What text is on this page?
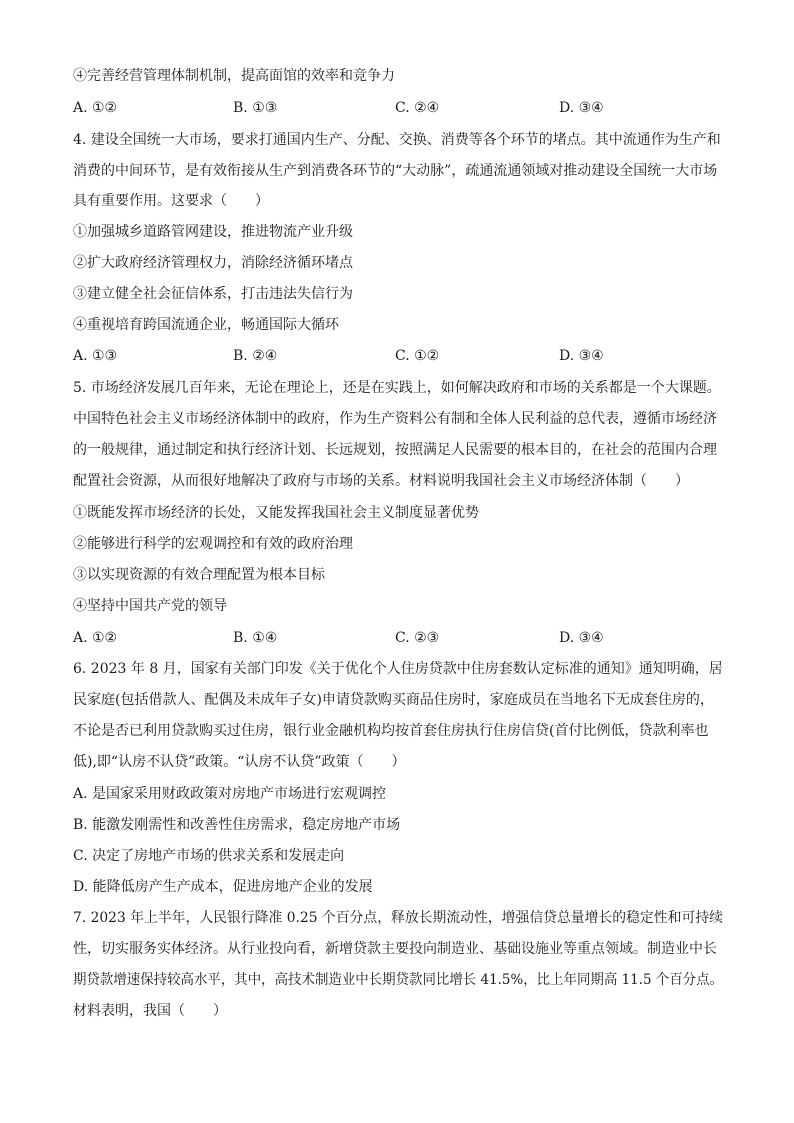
④完善经营管理体制机制，提高面馆的效率和竞争力
A. ①②	B. ①③	C. ②④	D. ③④
4. 建设全国统一大市场，要求打通国内生产、分配、交换、消费等各个环节的堵点。其中流通作为生产和
消费的中间环节，是有效衔接从生产到消费各环节的“大动脉”，疏通流通领域对推动建设全国统一大市场
具有重要作用。这要求（　　）
①加强城乡道路管网建设，推进物流产业升级
②扩大政府经济管理权力，消除经济循环堵点
③建立健全社会征信体系，打击违法失信行为
④重视培育跨国流通企业，畅通国际大循环
A. ①③	B. ②④	C. ①②	D. ③④
5. 市场经济发展几百年来，无论在理论上，还是在实践上，如何解决政府和市场的关系都是一个大课题。
中国特色社会主义市场经济体制中的政府，作为生产资料公有制和全体人民利益的总代表，遵循市场经济
的一般规律，通过制定和执行经济计划、长远规划，按照满足人民需要的根本目的，在社会的范围内合理
配置社会资源，从而很好地解决了政府与市场的关系。材料说明我国社会主义市场经济体制（　　）
①既能发挥市场经济的长处，又能发挥我国社会主义制度显著优势
②能够进行科学的宏观调控和有效的政府治理
③以实现资源的有效合理配置为根本目标
④坚持中国共产党的领导
A. ①②	B. ①④	C. ②③	D. ③④
6. 2023 年 8 月，国家有关部门印发《关于优化个人住房贷款中住房套数认定标准的通知》通知明确，居
民家庭(包括借款人、配偶及未成年子女)申请贷款购买商品住房时，家庭成员在当地名下无成套住房的，
不论是否已利用贷款购买过住房，银行业金融机构均按首套住房执行住房信贷(首付比例低，贷款利率也
低),即“认房不认贷”政策。“认房不认贷”政策（　　）
A. 是国家采用财政政策对房地产市场进行宏观调控
B. 能激发刚需性和改善性住房需求，稳定房地产市场
C. 决定了房地产市场的供求关系和发展走向
D. 能降低房产生产成本，促进房地产企业的发展
7. 2023 年上半年，人民银行降准 0.25 个百分点，释放长期流动性，增强信贷总量增长的稳定性和可持续
性，切实服务实体经济。从行业投向看，新增贷款主要投向制造业、基础设施业等重点领域。制造业中长
期贷款增速保持较高水平，其中，高技术制造业中长期贷款同比增长 41.5%，比上年同期高 11.5 个百分点。
材料表明，我国（　　）
